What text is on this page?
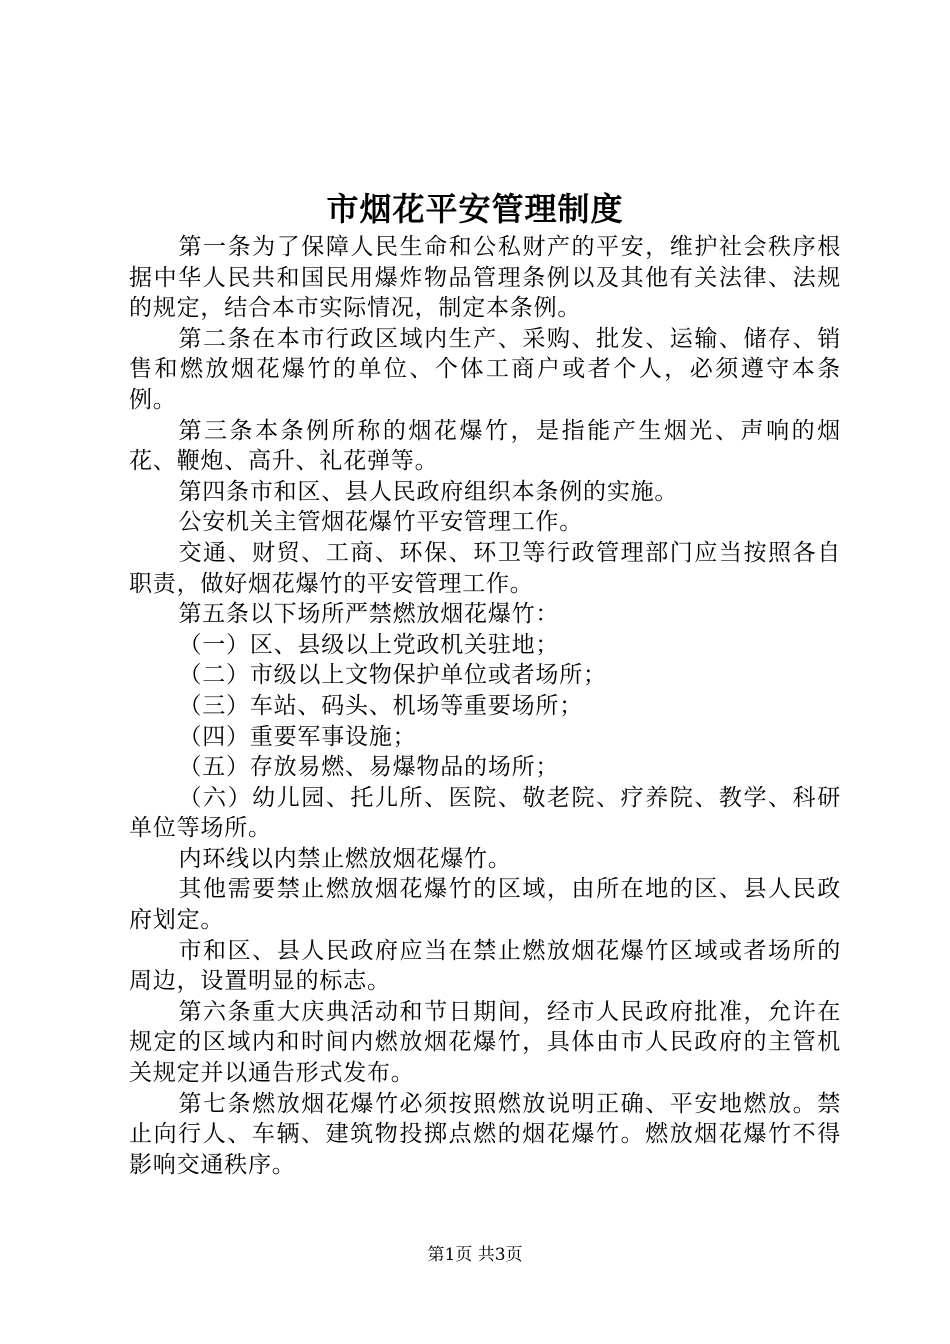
市烟花平安管理制度

第一条为了保障人民生命和公私财产的平安，维护社会秩序根据中华人民共和国民用爆炸物品管理条例以及其他有关法律、法规的规定，结合本市实际情况，制定本条例。

第二条在本市行政区域内生产、采购、批发、运输、储存、销售和燃放烟花爆竹的单位、个体工商户或者个人，必须遵守本条例。

第三条本条例所称的烟花爆竹，是指能产生烟光、声响的烟花、鞭炮、高升、礼花弹等。

第四条市和区、县人民政府组织本条例的实施。

公安机关主管烟花爆竹平安管理工作。

交通、财贸、工商、环保、环卫等行政管理部门应当按照各自职责，做好烟花爆竹的平安管理工作。

第五条以下场所严禁燃放烟花爆竹：

（一）区、县级以上党政机关驻地；

（二）市级以上文物保护单位或者场所；

（三）车站、码头、机场等重要场所；

（四）重要军事设施；

（五）存放易燃、易爆物品的场所；

（六）幼儿园、托儿所、医院、敬老院、疗养院、教学、科研单位等场所。

内环线以内禁止燃放烟花爆竹。

其他需要禁止燃放烟花爆竹的区域，由所在地的区、县人民政府划定。

市和区、县人民政府应当在禁止燃放烟花爆竹区域或者场所的周边，设置明显的标志。

第六条重大庆典活动和节日期间，经市人民政府批准，允许在规定的区域内和时间内燃放烟花爆竹，具体由市人民政府的主管机关规定并以通告形式发布。

第七条燃放烟花爆竹必须按照燃放说明正确、平安地燃放。禁止向行人、车辆、建筑物投掷点燃的烟花爆竹。燃放烟花爆竹不得影响交通秩序。

第1页 共3页
